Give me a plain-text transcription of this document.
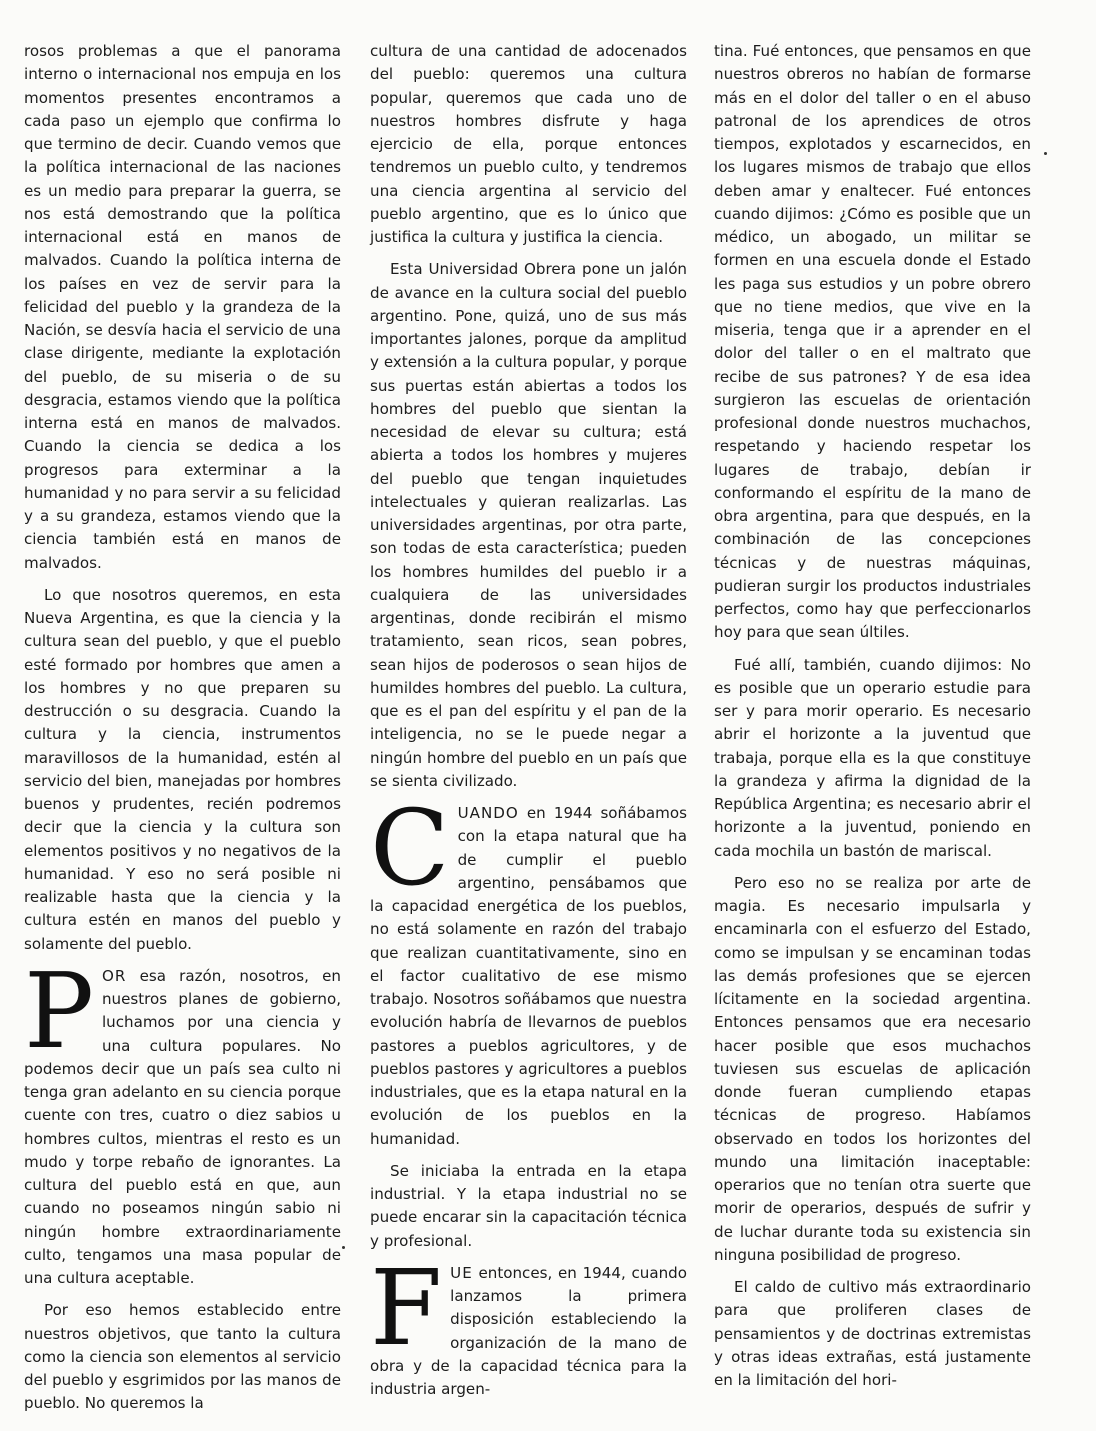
rosos problemas a que el panorama interno o internacional nos empuja en los momentos presentes encontramos a cada paso un ejemplo que confirma lo que termino de decir. Cuando vemos que la política internacional de las naciones es un medio para preparar la guerra, se nos está demostrando que la política internacional está en manos de malvados. Cuando la política interna de los países en vez de servir para la felicidad del pueblo y la grandeza de la Nación, se desvía hacia el servicio de una clase dirigente, mediante la explotación del pueblo, de su miseria o de su desgracia, estamos viendo que la política interna está en manos de malvados. Cuando la ciencia se dedica a los progresos para exterminar a la humanidad y no para servir a su felicidad y a su grandeza, estamos viendo que la ciencia también está en manos de malvados.

Lo que nosotros queremos, en esta Nueva Argentina, es que la ciencia y la cultura sean del pueblo, y que el pueblo esté formado por hombres que amen a los hombres y no que preparen su destrucción o su desgracia. Cuando la cultura y la ciencia, instrumentos maravillosos de la humanidad, estén al servicio del bien, manejadas por hombres buenos y prudentes, recién podremos decir que la ciencia y la cultura son elementos positivos y no negativos de la humanidad. Y eso no será posible ni realizable hasta que la ciencia y la cultura estén en manos del pueblo y solamente del pueblo.

POR esa razón, nosotros, en nuestros planes de gobierno, luchamos por una ciencia y una cultura populares. No podemos decir que un país sea culto ni tenga gran adelanto en su ciencia porque cuente con tres, cuatro o diez sabios u hombres cultos, mientras el resto es un mudo y torpe rebaño de ignorantes. La cultura del pueblo está en que, aun cuando no poseamos ningún sabio ni ningún hombre extraordinariamente culto, tengamos una masa popular de una cultura aceptable.

Por eso hemos establecido entre nuestros objetivos, que tanto la cultura como la ciencia son elementos al servicio del pueblo y esgrimidos por las manos de pueblo. No queremos la

cultura de una cantidad de adocenados del pueblo: queremos una cultura popular, queremos que cada uno de nuestros hombres disfrute y haga ejercicio de ella, porque entonces tendremos un pueblo culto, y tendremos una ciencia argentina al servicio del pueblo argentino, que es lo único que justifica la cultura y justifica la ciencia.

Esta Universidad Obrera pone un jalón de avance en la cultura social del pueblo argentino. Pone, quizá, uno de sus más importantes jalones, porque da amplitud y extensión a la cultura popular, y porque sus puertas están abiertas a todos los hombres del pueblo que sientan la necesidad de elevar su cultura; está abierta a todos los hombres y mujeres del pueblo que tengan inquietudes intelectuales y quieran realizarlas. Las universidades argentinas, por otra parte, son todas de esta característica; pueden los hombres humildes del pueblo ir a cualquiera de las universidades argentinas, donde recibirán el mismo tratamiento, sean ricos, sean pobres, sean hijos de poderosos o sean hijos de humildes hombres del pueblo. La cultura, que es el pan del espíritu y el pan de la inteligencia, no se le puede negar a ningún hombre del pueblo en un país que se sienta civilizado.

CUANDO en 1944 soñábamos con la etapa natural que ha de cumplir el pueblo argentino, pensábamos que la capacidad energética de los pueblos, no está solamente en razón del trabajo que realizan cuantitativamente, sino en el factor cualitativo de ese mismo trabajo. Nosotros soñábamos que nuestra evolución habría de llevarnos de pueblos pastores a pueblos agricultores, y de pueblos pastores y agricultores a pueblos industriales, que es la etapa natural en la evolución de los pueblos en la humanidad.

Se iniciaba la entrada en la etapa industrial. Y la etapa industrial no se puede encarar sin la capacitación técnica y profesional.

FUE entonces, en 1944, cuando lanzamos la primera disposición estableciendo la organización de la mano de obra y de la capacidad técnica para la industria argen-

tina. Fué entonces, que pensamos en que nuestros obreros no habían de formarse más en el dolor del taller o en el abuso patronal de los aprendices de otros tiempos, explotados y escarnecidos, en los lugares mismos de trabajo que ellos deben amar y enaltecer. Fué entonces cuando dijimos: ¿Cómo es posible que un médico, un abogado, un militar se formen en una escuela donde el Estado les paga sus estudios y un pobre obrero que no tiene medios, que vive en la miseria, tenga que ir a aprender en el dolor del taller o en el maltrato que recibe de sus patrones? Y de esa idea surgieron las escuelas de orientación profesional donde nuestros muchachos, respetando y haciendo respetar los lugares de trabajo, debían ir conformando el espíritu de la mano de obra argentina, para que después, en la combinación de las concepciones técnicas y de nuestras máquinas, pudieran surgir los productos industriales perfectos, como hay que perfeccionarlos hoy para que sean últiles.

Fué allí, también, cuando dijimos: No es posible que un operario estudie para ser y para morir operario. Es necesario abrir el horizonte a la juventud que trabaja, porque ella es la que constituye la grandeza y afirma la dignidad de la República Argentina; es necesario abrir el horizonte a la juventud, poniendo en cada mochila un bastón de mariscal.

Pero eso no se realiza por arte de magia. Es necesario impulsarla y encaminarla con el esfuerzo del Estado, como se impulsan y se encaminan todas las demás profesiones que se ejercen lícitamente en la sociedad argentina. Entonces pensamos que era necesario hacer posible que esos muchachos tuviesen sus escuelas de aplicación donde fueran cumpliendo etapas técnicas de progreso. Habíamos observado en todos los horizontes del mundo una limitación inaceptable: operarios que no tenían otra suerte que morir de operarios, después de sufrir y de luchar durante toda su existencia sin ninguna posibilidad de progreso.

El caldo de cultivo más extraordinario para que proliferen clases de pensamientos y de doctrinas extremistas y otras ideas extrañas, está justamente en la limitación del hori-
